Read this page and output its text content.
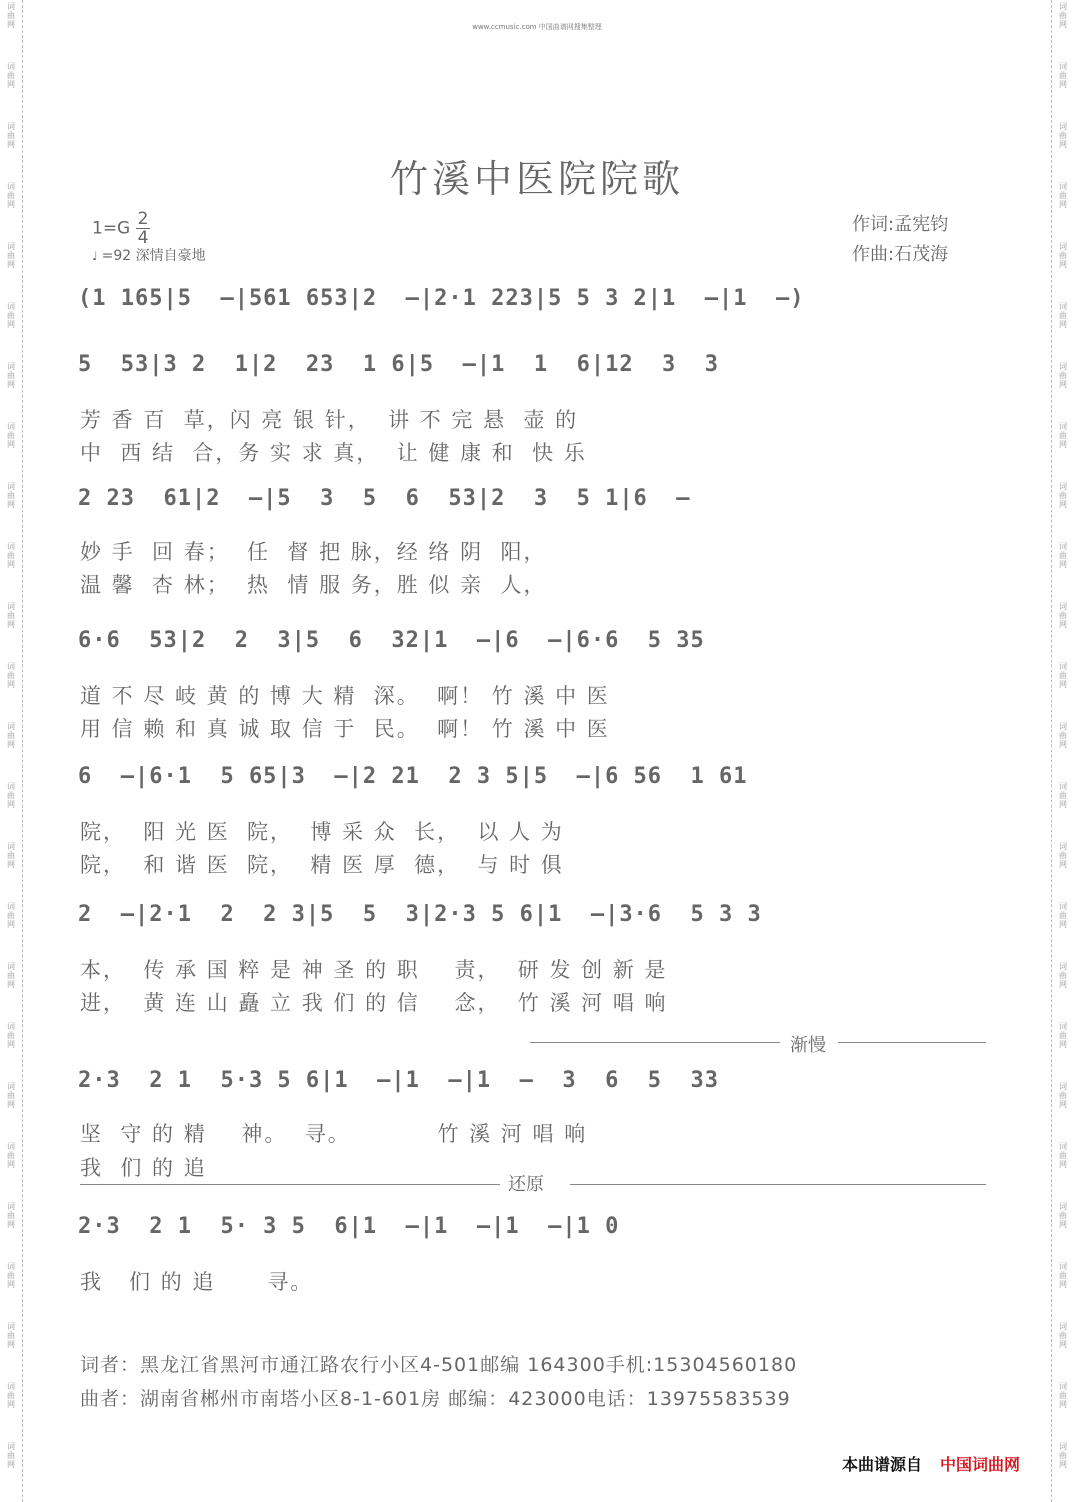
词
曲
网
词
曲
网
词
曲
网
词
曲
网
词
曲
网
词
曲
网
词
曲
网
词
曲
网
词
曲
网
词
曲
网
词
曲
网
词
曲
网
词
曲
网
词
曲
网
词
曲
网
词
曲
网
词
曲
网
词
曲
网
词
曲
网
词
曲
网
词
曲
网
词
曲
网
词
曲
网
词
曲
网
词
曲
网
词
曲
网
词
曲
网
词
曲
网
词
曲
网
词
曲
网
词
曲
网
词
曲
网
词
曲
网
词
曲
网
词
曲
网
词
曲
网
词
曲
网
词
曲
网
词
曲
网
词
曲
网
词
曲
网
词
曲
网
词
曲
网
词
曲
网
词
曲
网
词
曲
网
词
曲
网
词
曲
网
词
曲
网
词
曲
网
www.ccmusic.com 中国曲谱网搜集整理
竹溪中医院院歌
$1=G \frac{2}{4}$
♩ =92 深情自豪地
作词:孟宪钧
作曲:石茂海
(1 165|5  –|561 653|2  –|2·1 223|5 5 3 2|1  –|1  –)
5  53|3 2  1|2  23  1 6|5  –|1  1  6|12  3  3
芳 香 百  草，闪 亮 银 针，  讲 不 完 悬  壶 的
中  西 结  合，务 实 求 真，  让 健 康 和  快 乐
2 23  61|2  –|5  3  5  6  53|2  3  5 1|6  –
妙 手  回 春；  任  督 把 脉，经 络 阴  阳，
温 馨  杏 林；  热  情 服 务，胜 似 亲  人，
6·6  53|2  2  3|5  6  32|1  –|6  –|6·6  5 35
道 不 尽 岐 黄 的 博 大 精  深。  啊！ 竹 溪 中 医
用 信 赖 和 真 诚 取 信 于  民。  啊！ 竹 溪 中 医
6  –|6·1  5 65|3  –|2 21  2 3 5|5  –|6 56  1 61
院，  阳 光 医  院，  博 采 众  长，  以 人 为
院，  和 谐 医  院，  精 医 厚  德，  与 时 俱
2  –|2·1  2  2 3|5  5  3|2·3 5 6|1  –|3·6  5 3 3
本，  传 承 国 粹 是 神 圣 的 职    责，  研 发 创 新 是
进，  黄 连 山 矗 立 我 们 的 信    念，  竹 溪 河 唱 响
渐慢
2·3  2 1  5·3 5 6|1  –|1  –|1  –  3  6  5  33
坚  守 的 精    神。  寻。          竹 溪 河 唱 响
我  们 的 追
还原
2·3  2 1  5· 3 5  6|1  –|1  –|1  –|1 0
我   们 的 追      寻。
词者：黑龙江省黑河市通江路农行小区4-501邮编 164300手机:15304560180
曲者：湖南省郴州市南塔小区8-1-601房 邮编：423000电话：13975583539
本曲谱源自 中国词曲网
